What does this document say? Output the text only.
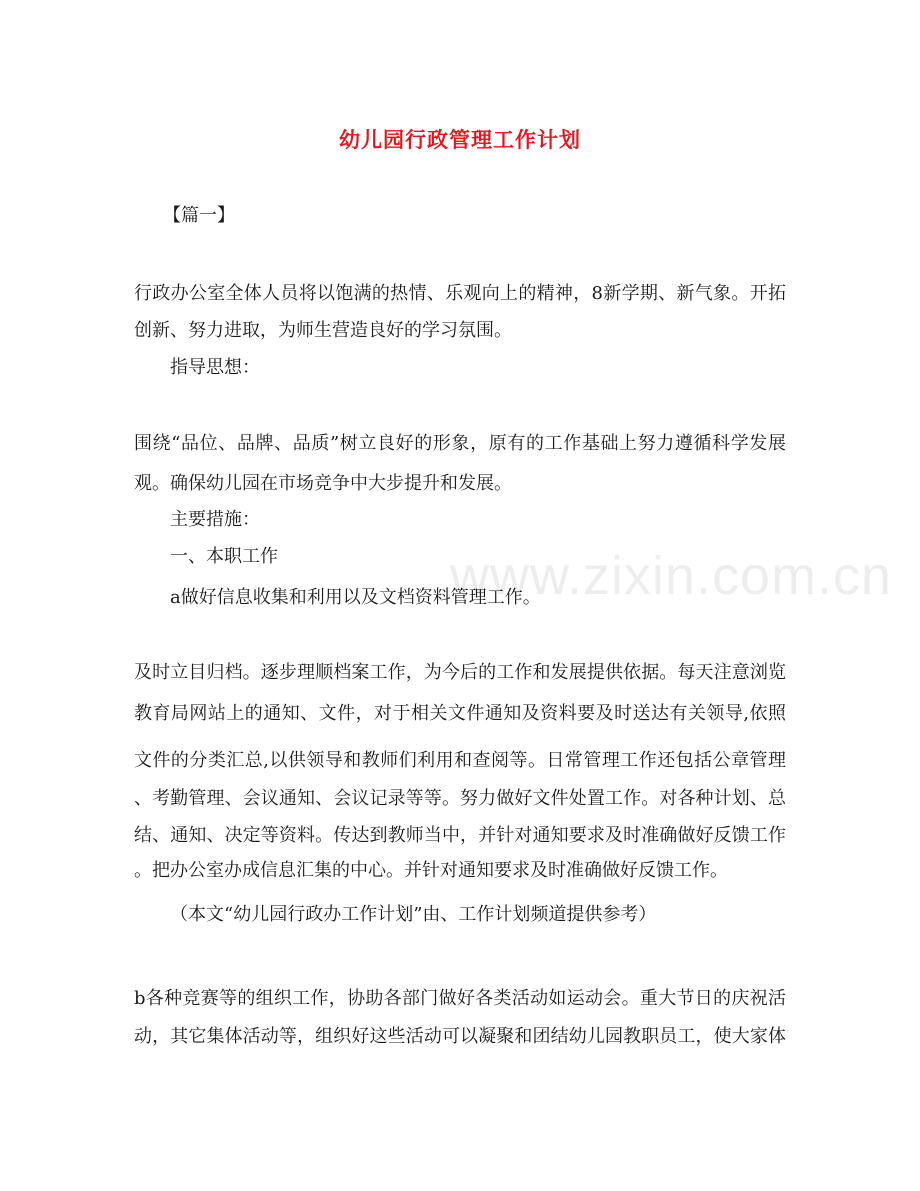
www.zixin.com.cn
幼儿园行政管理工作计划
【篇一】
行政办公室全体人员将以饱满的热情、乐观向上的精神，8新学期、新气象。开拓
创新、努力进取，为师生营造良好的学习氛围。
指导思想：
围绕“品位、品牌、品质”树立良好的形象，原有的工作基础上努力遵循科学发展
观。确保幼儿园在市场竞争中大步提升和发展。
主要措施：
一、本职工作
a做好信息收集和利用以及文档资料管理工作。
及时立目归档。逐步理顺档案工作，为今后的工作和发展提供依据。每天注意浏览
教育局网站上的通知、文件，对于相关文件通知及资料要及时送达有关领导,依照
文件的分类汇总,以供领导和教师们利用和查阅等。日常管理工作还包括公章管理
、考勤管理、会议通知、会议记录等等。努力做好文件处置工作。对各种计划、总
结、通知、决定等资料。传达到教师当中，并针对通知要求及时准确做好反馈工作
。把办公室办成信息汇集的中心。并针对通知要求及时准确做好反馈工作。
（本文“幼儿园行政办工作计划”由、工作计划频道提供参考）
b各种竞赛等的组织工作，协助各部门做好各类活动如运动会。重大节日的庆祝活
动，其它集体活动等，组织好这些活动可以凝聚和团结幼儿园教职员工，使大家体
